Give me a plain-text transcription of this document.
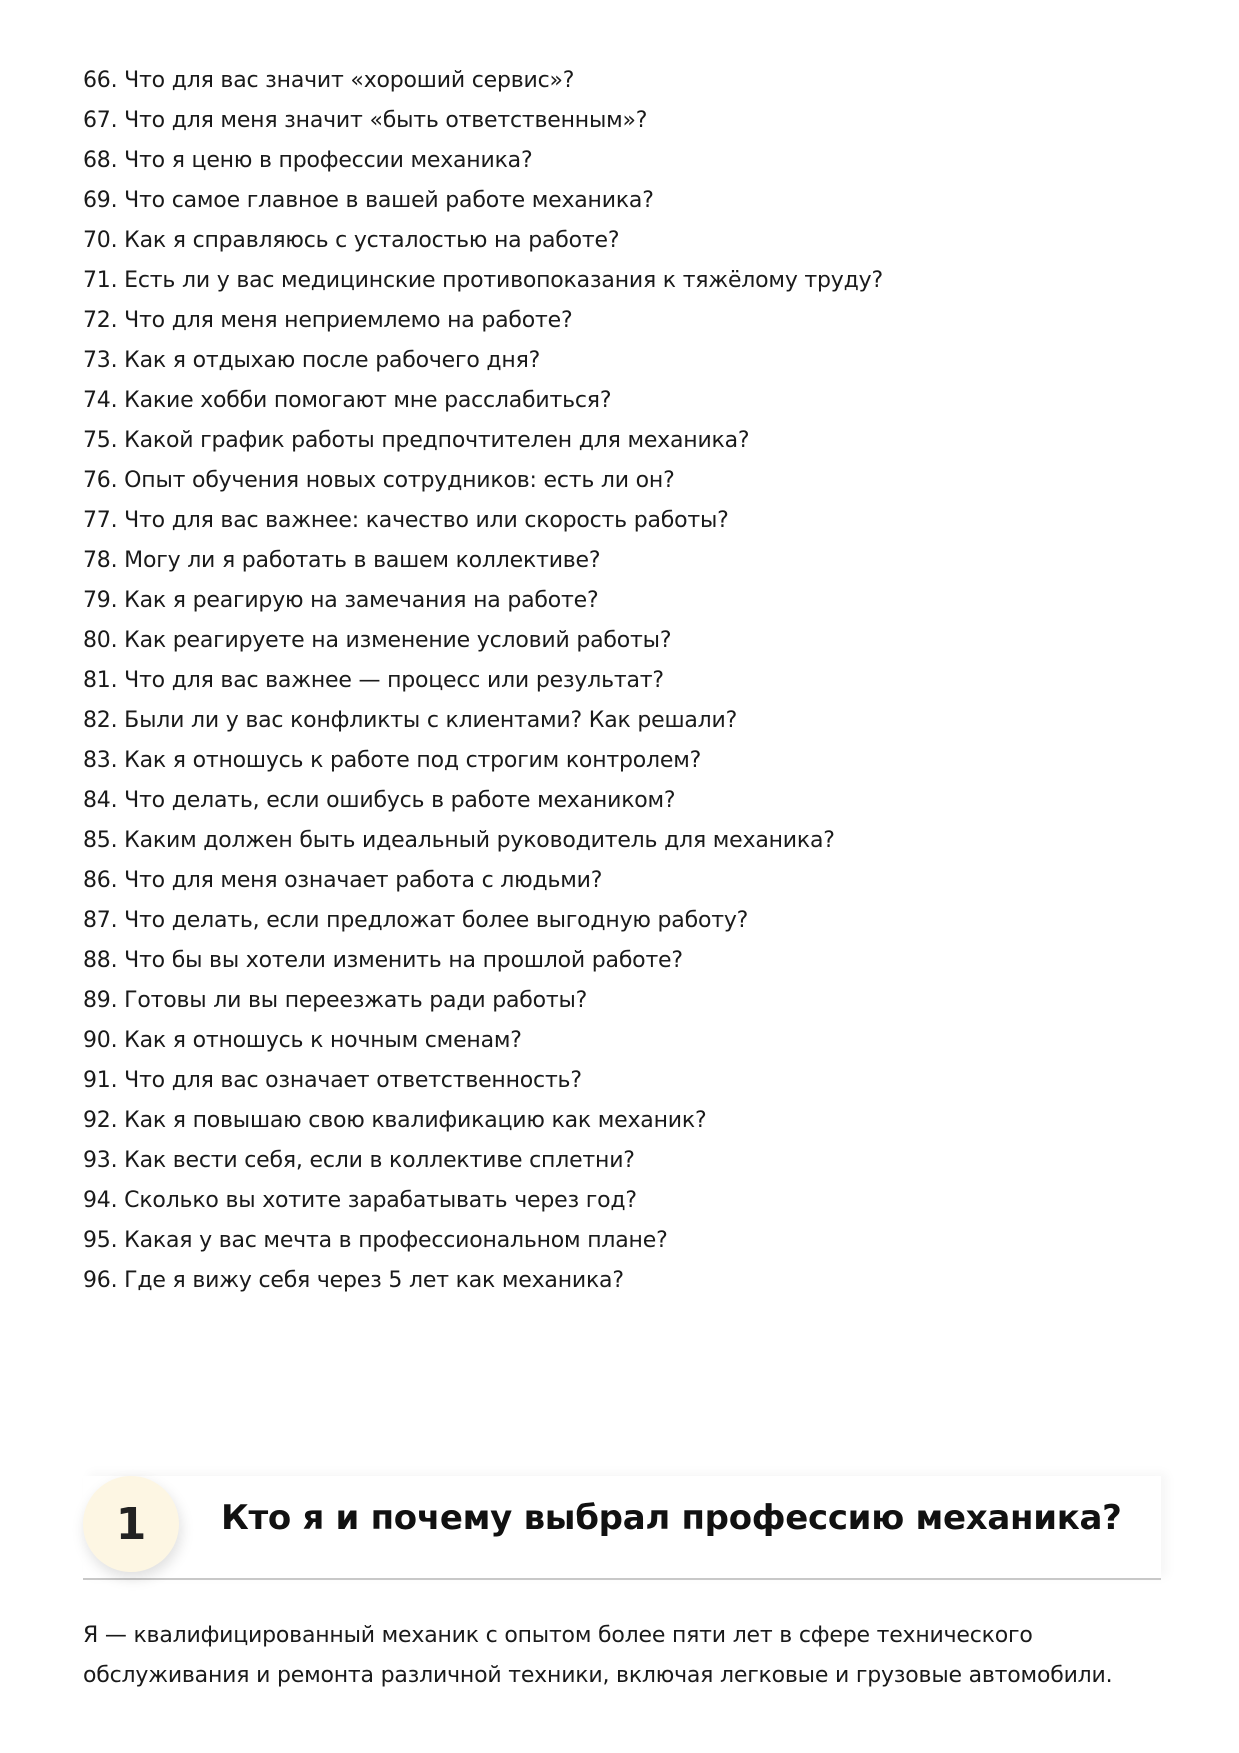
66. Что для вас значит «хороший сервис»?
67. Что для меня значит «быть ответственным»?
68. Что я ценю в профессии механика?
69. Что самое главное в вашей работе механика?
70. Как я справляюсь с усталостью на работе?
71. Есть ли у вас медицинские противопоказания к тяжёлому труду?
72. Что для меня неприемлемо на работе?
73. Как я отдыхаю после рабочего дня?
74. Какие хобби помогают мне расслабиться?
75. Какой график работы предпочтителен для механика?
76. Опыт обучения новых сотрудников: есть ли он?
77. Что для вас важнее: качество или скорость работы?
78. Могу ли я работать в вашем коллективе?
79. Как я реагирую на замечания на работе?
80. Как реагируете на изменение условий работы?
81. Что для вас важнее — процесс или результат?
82. Были ли у вас конфликты с клиентами? Как решали?
83. Как я отношусь к работе под строгим контролем?
84. Что делать, если ошибусь в работе механиком?
85. Каким должен быть идеальный руководитель для механика?
86. Что для меня означает работа с людьми?
87. Что делать, если предложат более выгодную работу?
88. Что бы вы хотели изменить на прошлой работе?
89. Готовы ли вы переезжать ради работы?
90. Как я отношусь к ночным сменам?
91. Что для вас означает ответственность?
92. Как я повышаю свою квалификацию как механик?
93. Как вести себя, если в коллективе сплетни?
94. Сколько вы хотите зарабатывать через год?
95. Какая у вас мечта в профессиональном плане?
96. Где я вижу себя через 5 лет как механика?
1	Кто я и почему выбрал профессию механика?

Я — квалифицированный механик с опытом более пяти лет в сфере технического обслуживания и ремонта различной техники, включая легковые и грузовые автомобили.
